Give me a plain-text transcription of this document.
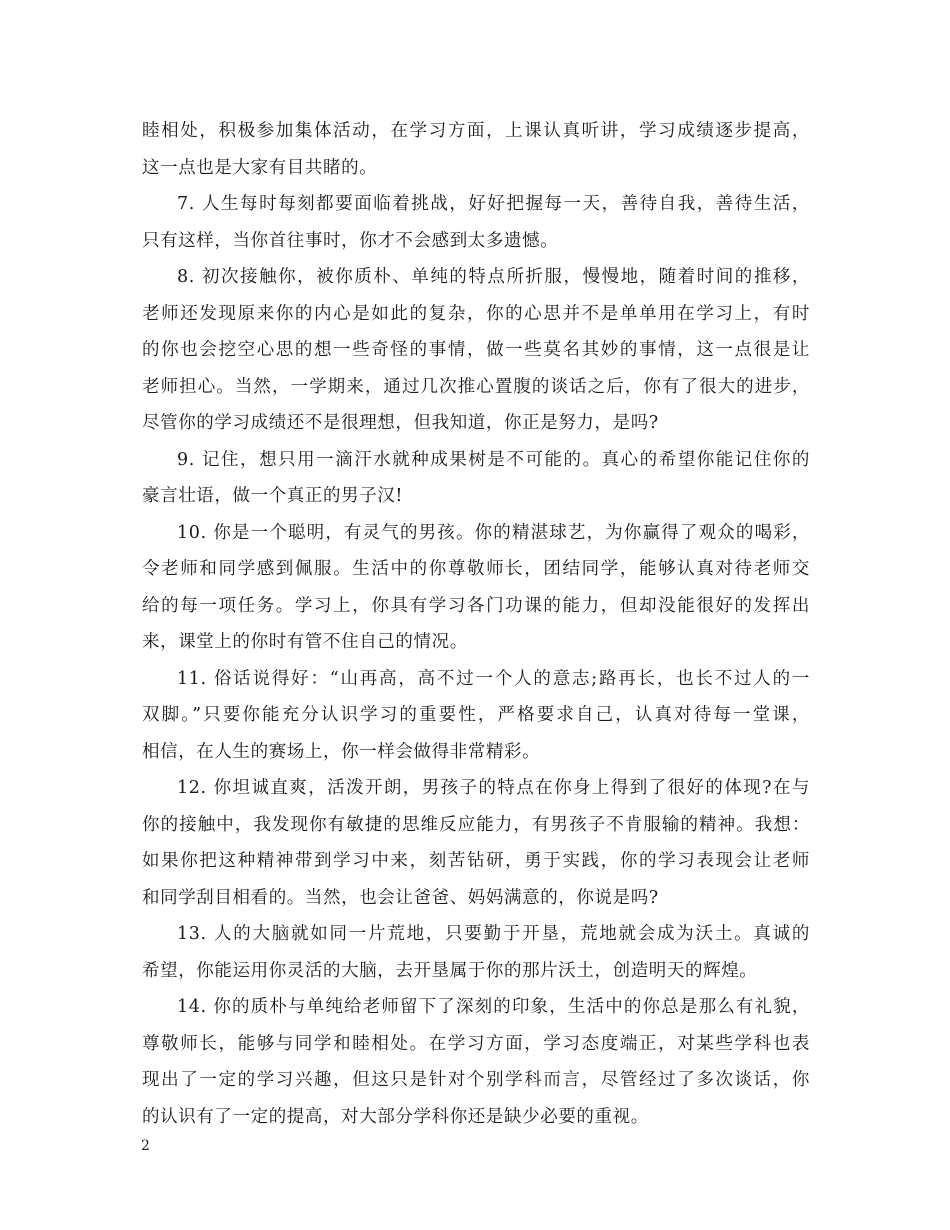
睦相处，积极参加集体活动，在学习方面，上课认真听讲，学习成绩逐步提高，
这一点也是大家有目共睹的。
7. 人生每时每刻都要面临着挑战，好好把握每一天，善待自我，善待生活，
只有这样，当你首往事时，你才不会感到太多遗憾。
8. 初次接触你，被你质朴、单纯的特点所折服，慢慢地，随着时间的推移，
老师还发现原来你的内心是如此的复杂，你的心思并不是单单用在学习上，有时
的你也会挖空心思的想一些奇怪的事情，做一些莫名其妙的事情，这一点很是让
老师担心。当然，一学期来，通过几次推心置腹的谈话之后，你有了很大的进步，
尽管你的学习成绩还不是很理想，但我知道，你正是努力，是吗?
9. 记住，想只用一滴汗水就种成果树是不可能的。真心的希望你能记住你的
豪言壮语，做一个真正的男子汉!
10. 你是一个聪明，有灵气的男孩。你的精湛球艺，为你赢得了观众的喝彩，
令老师和同学感到佩服。生活中的你尊敬师长，团结同学，能够认真对待老师交
给的每一项任务。学习上，你具有学习各门功课的能力，但却没能很好的发挥出
来，课堂上的你时有管不住自己的情况。
11. 俗话说得好：“山再高，高不过一个人的意志;路再长，也长不过人的一
双脚。”只要你能充分认识学习的重要性，严格要求自己，认真对待每一堂课，
相信，在人生的赛场上，你一样会做得非常精彩。
12. 你坦诚直爽，活泼开朗，男孩子的特点在你身上得到了很好的体现?在与
你的接触中，我发现你有敏捷的思维反应能力，有男孩子不肯服输的精神。我想：
如果你把这种精神带到学习中来，刻苦钻研，勇于实践，你的学习表现会让老师
和同学刮目相看的。当然，也会让爸爸、妈妈满意的，你说是吗?
13. 人的大脑就如同一片荒地，只要勤于开垦，荒地就会成为沃土。真诚的
希望，你能运用你灵活的大脑，去开垦属于你的那片沃土，创造明天的辉煌。
14. 你的质朴与单纯给老师留下了深刻的印象，生活中的你总是那么有礼貌，
尊敬师长，能够与同学和睦相处。在学习方面，学习态度端正，对某些学科也表
现出了一定的学习兴趣，但这只是针对个别学科而言，尽管经过了多次谈话，你
的认识有了一定的提高，对大部分学科你还是缺少必要的重视。
2
